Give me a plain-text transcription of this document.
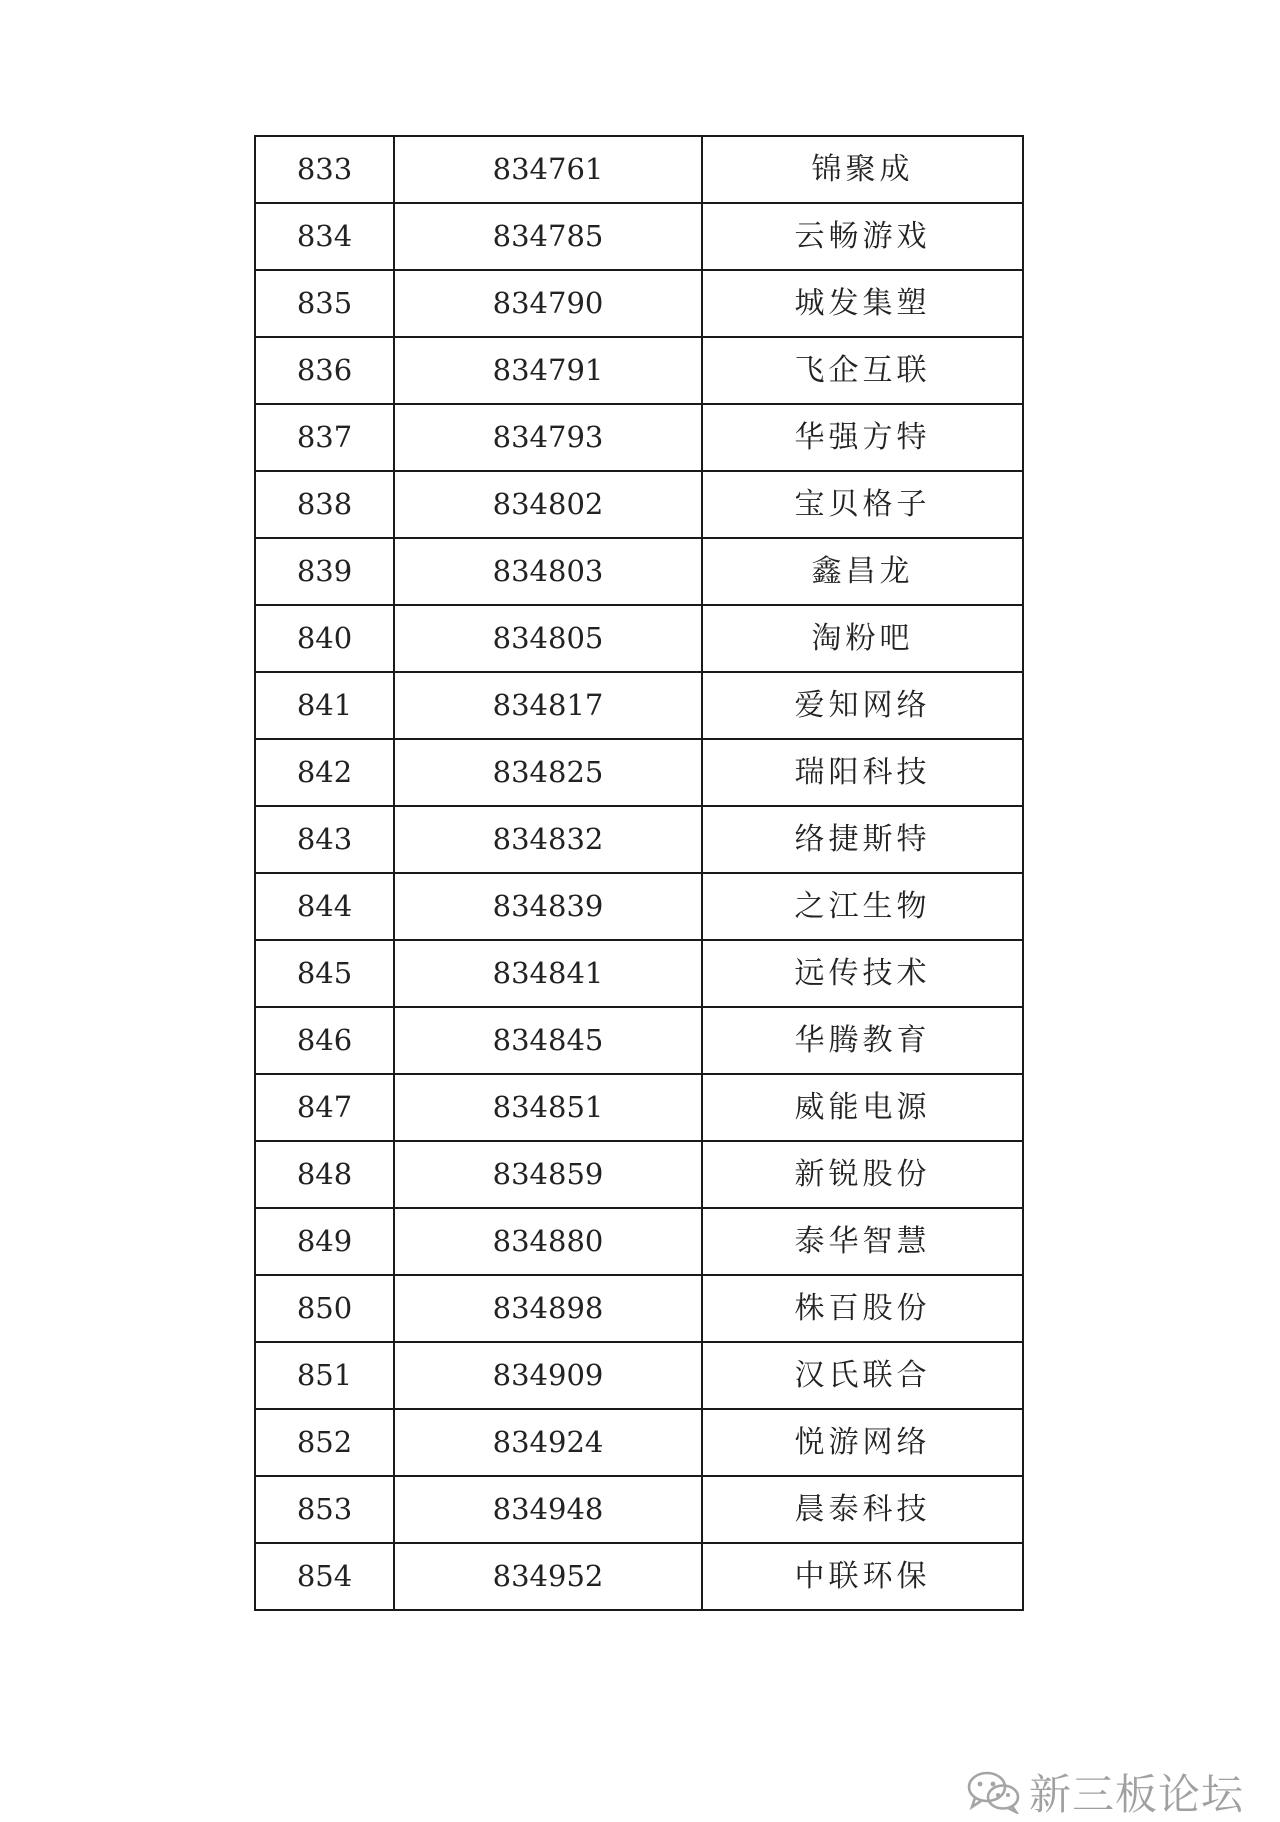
833	834761	锦聚成
834	834785	云畅游戏
835	834790	城发集塑
836	834791	飞企互联
837	834793	华强方特
838	834802	宝贝格子
839	834803	鑫昌龙
840	834805	淘粉吧
841	834817	爱知网络
842	834825	瑞阳科技
843	834832	络捷斯特
844	834839	之江生物
845	834841	远传技术
846	834845	华腾教育
847	834851	威能电源
848	834859	新锐股份
849	834880	泰华智慧
850	834898	株百股份
851	834909	汉氏联合
852	834924	悦游网络
853	834948	晨泰科技
854	834952	中联环保
新三板论坛
